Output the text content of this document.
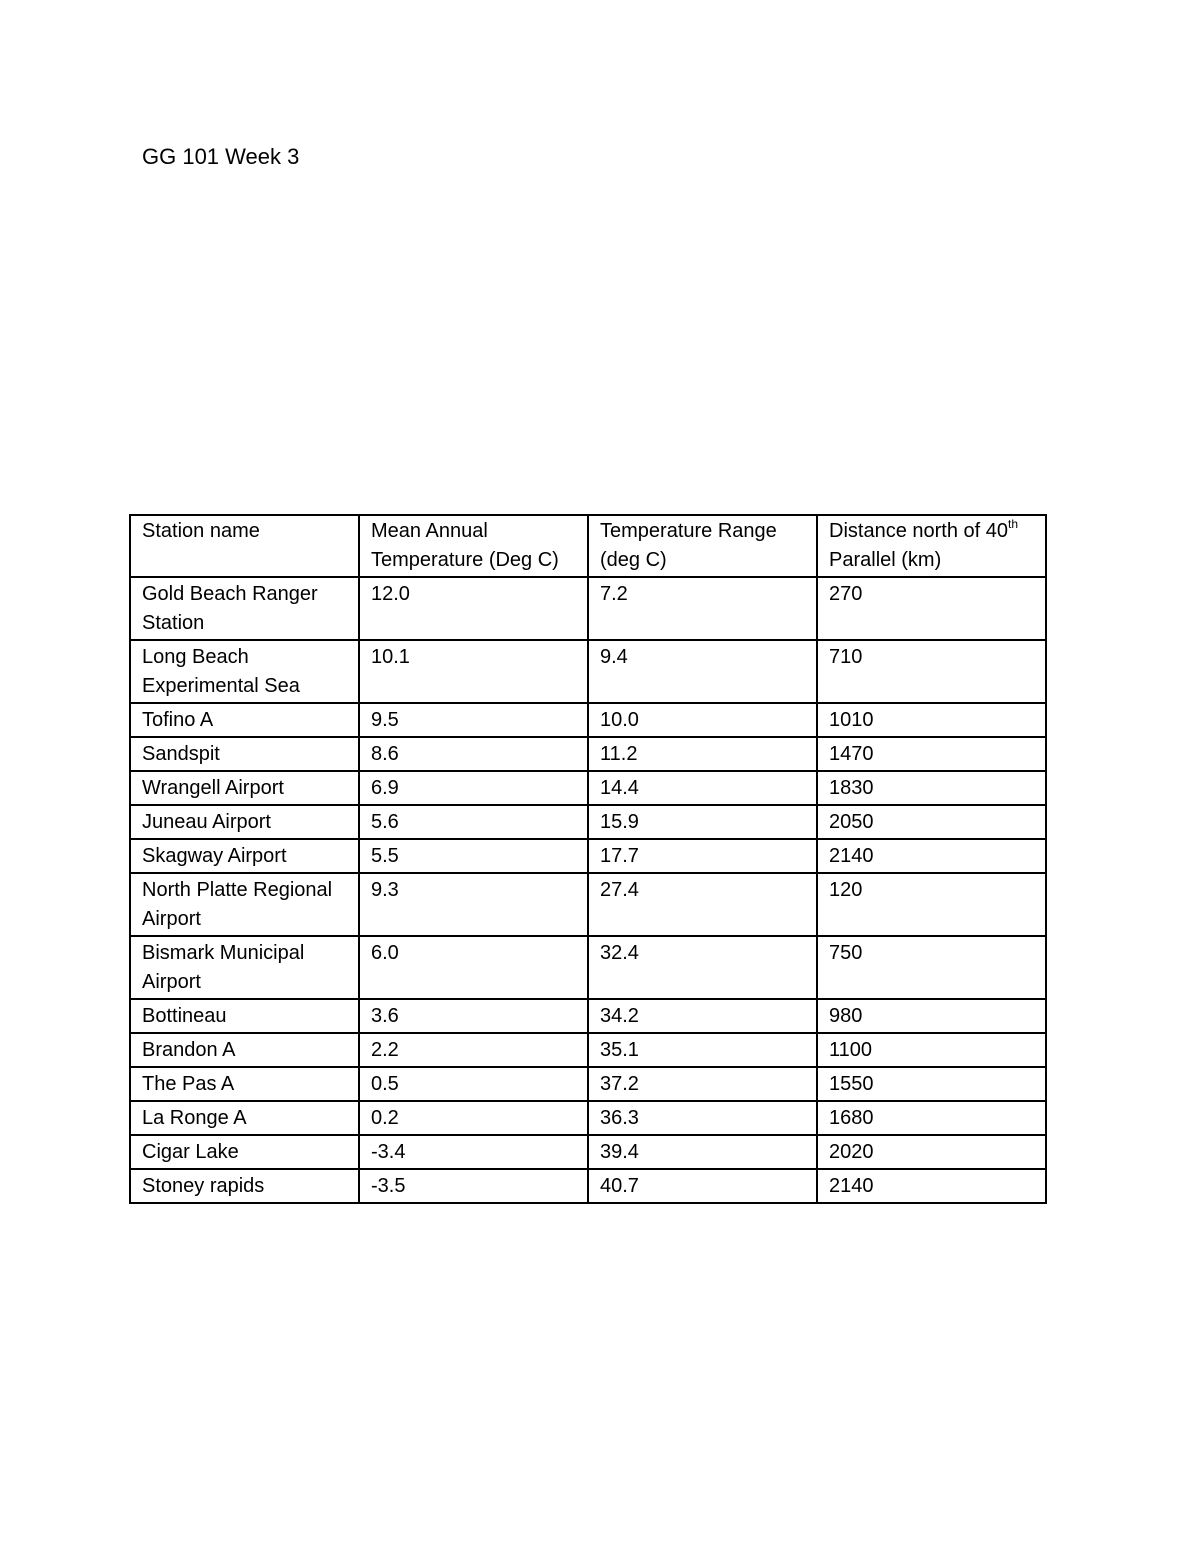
GG 101 Week 3
Station name	Mean Annual Temperature (Deg C)	Temperature Range (deg C)	Distance north of 40th Parallel (km)
Gold Beach Ranger Station	12.0	7.2	270
Long Beach Experimental Sea	10.1	9.4	710
Tofino A	9.5	10.0	1010
Sandspit	8.6	11.2	1470
Wrangell Airport	6.9	14.4	1830
Juneau Airport	5.6	15.9	2050
Skagway Airport	5.5	17.7	2140
North Platte Regional Airport	9.3	27.4	120
Bismark Municipal Airport	6.0	32.4	750
Bottineau	3.6	34.2	980
Brandon A	2.2	35.1	1100
The Pas A	0.5	37.2	1550
La Ronge A	0.2	36.3	1680
Cigar Lake	-3.4	39.4	2020
Stoney rapids	-3.5	40.7	2140
